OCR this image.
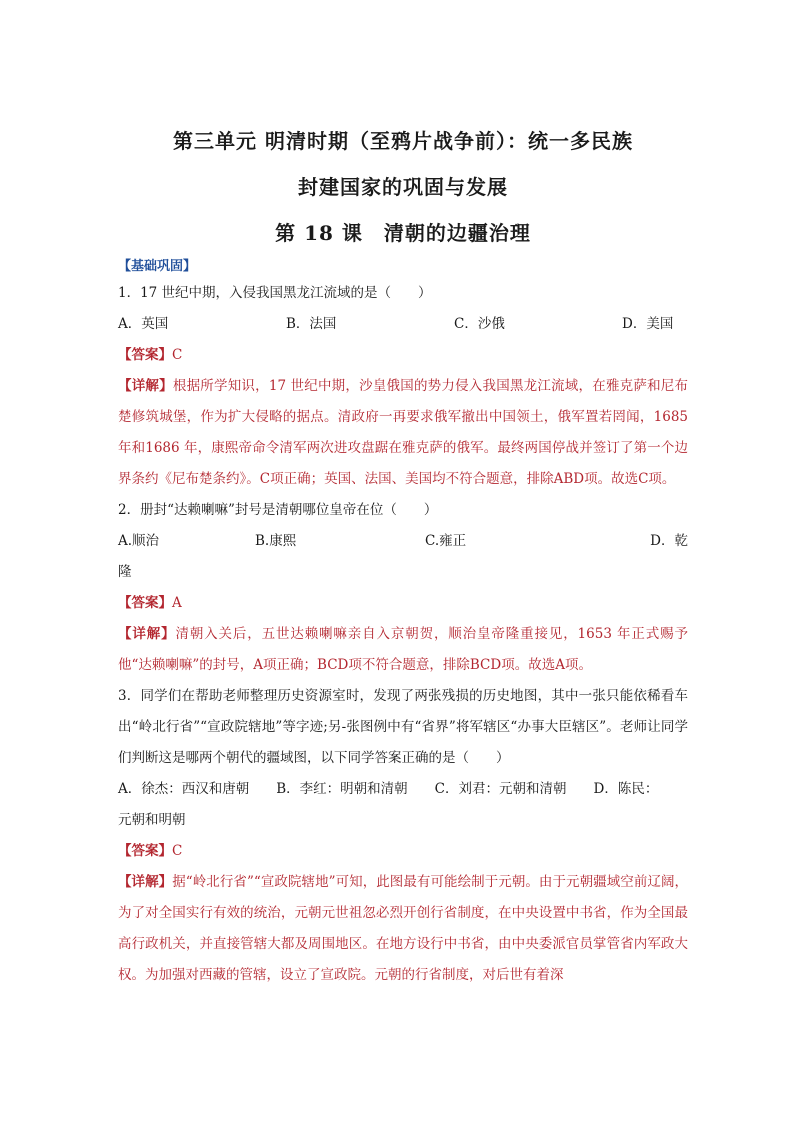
第三单元 明清时期（至鸦片战争前）：统一多民族
封建国家的巩固与发展
第 18 课　清朝的边疆治理
【基础巩固】
1．17 世纪中期，入侵我国黑龙江流域的是（　　）
A．英国	B．法国	C．沙俄	D．美国
【答案】C
【详解】根据所学知识，17 世纪中期，沙皇俄国的势力侵入我国黑龙江流域，在雅克萨和尼布楚修筑城堡，作为扩大侵略的据点。清政府一再要求俄军撤出中国领土，俄军置若罔闻，1685 年和1686 年，康熙帝命令清军两次进攻盘踞在雅克萨的俄军。最终两国停战并签订了第一个边界条约《尼布楚条约》。C项正确；英国、法国、美国均不符合题意，排除ABD项。故选C项。
2．册封“达赖喇嘛”封号是清朝哪位皇帝在位（　　）
A.顺治	B.康熙	C.雍正	D．乾
隆
【答案】A
【详解】清朝入关后，五世达赖喇嘛亲自入京朝贺，顺治皇帝隆重接见，1653 年正式赐予他“达赖喇嘛”的封号，A项正确；BCD项不符合题意，排除BCD项。故选A项。
3．同学们在帮助老师整理历史资源室时，发现了两张残损的历史地图，其中一张只能依稀看车出“岭北行省”“宣政院辖地”等字迹;另-张图例中有“省界”将军辖区“办事大臣辖区”。老师让同学们判断这是哪两个朝代的疆域图，以下同学答案正确的是（　　）
A．徐杰：西汉和唐朝　　B．李红：明朝和清朝　　C．刘君：元朝和清朝　　D．陈民：
元朝和明朝
【答案】C
【详解】据“岭北行省”“宣政院辖地”可知，此图最有可能绘制于元朝。由于元朝疆域空前辽阔，为了对全国实行有效的统治，元朝元世祖忽必烈开创行省制度，在中央设置中书省，作为全国最高行政机关，并直接管辖大都及周围地区。在地方设行中书省，由中央委派官员掌管省内军政大权。为加强对西藏的管辖，设立了宣政院。元朝的行省制度，对后世有着深
